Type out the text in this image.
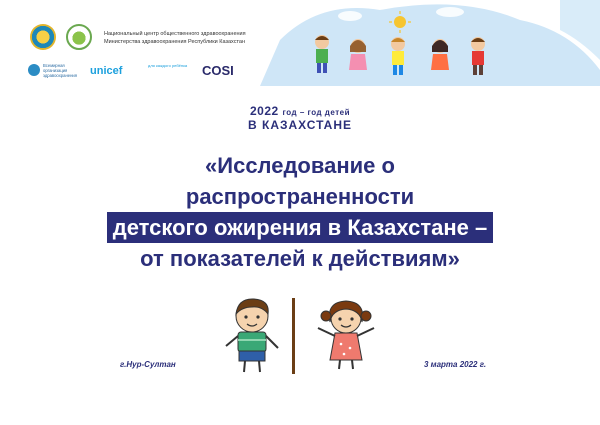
Национальный центр общественного здравоохранения
Министерства здравоохранения Республики Казахстан
Всемирная организация здравоохранения	unicef	для каждого ребёнка COSI
2022 год – год детей
В КАЗАХСТАНЕ
«Исследование о
распространенности
детского ожирения в Казахстане –
от показателей к действиям»
г.Нур-Султан	3 марта 2022 г.
